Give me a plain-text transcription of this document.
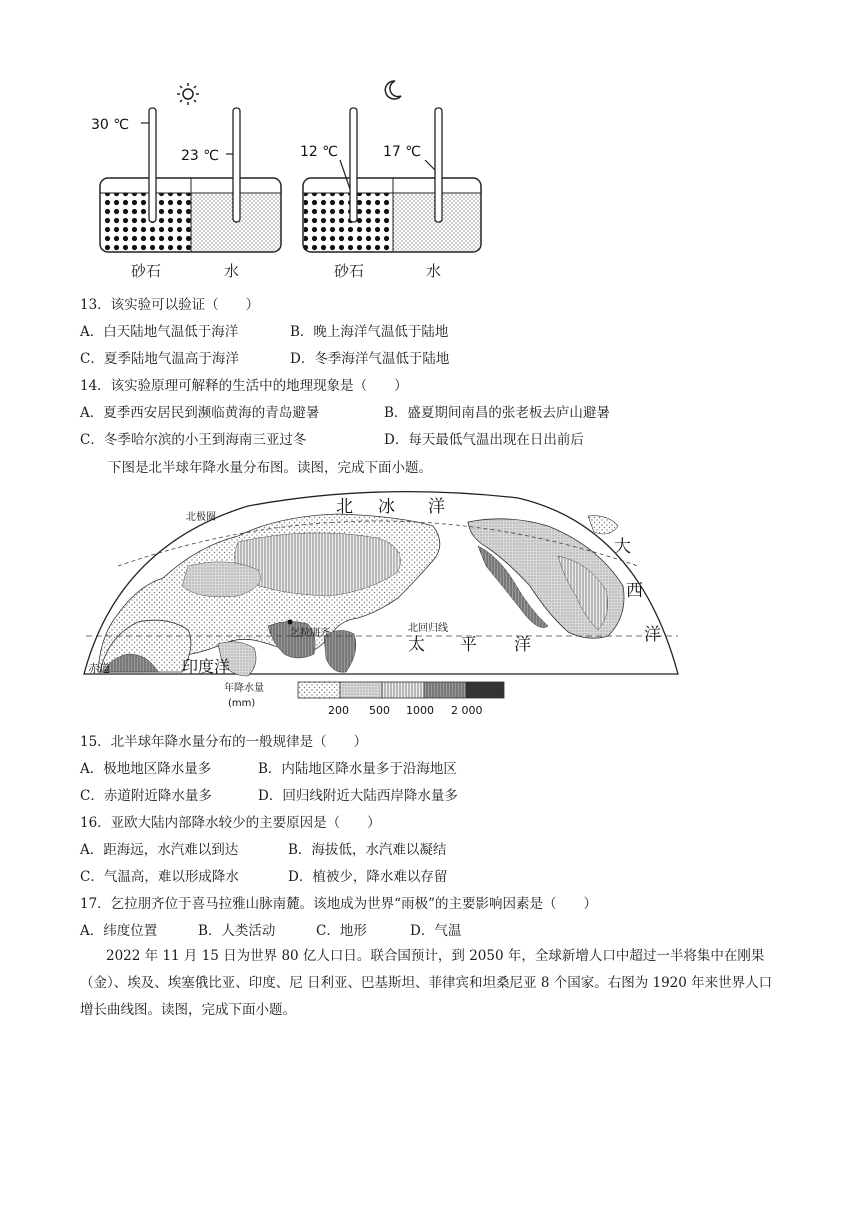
30 ℃
23 ℃	12 ℃	17 ℃
砂石	水	砂石	水
13．该实验可以验证（　　）
A．白天陆地气温低于海洋	B．晚上海洋气温低于陆地
C．夏季陆地气温高于海洋	D．冬季海洋气温低于陆地
14．该实验原理可解释的生活中的地理现象是（　　）
A．夏季西安居民到濒临黄海的青岛避暑	B．盛夏期间南昌的张老板去庐山避暑
C．冬季哈尔滨的小王到海南三亚过冬	D．每天最低气温出现在日出前后
下图是北半球年降水量分布图。读图，完成下面小题。
北 冰 洋
大
西
洋
太 平 洋
印度洋
北极圈
北回归线
赤道
乞拉朋齐
年降水量
(mm)
200 500 1000 2 000
15．北半球年降水量分布的一般规律是（　　）
A．极地地区降水量多	B．内陆地区降水量多于沿海地区
C．赤道附近降水量多	D．回归线附近大陆西岸降水量多
16．亚欧大陆内部降水较少的主要原因是（　　）
A．距海远，水汽难以到达	B．海拔低，水汽难以凝结
C．气温高，难以形成降水	D．植被少，降水难以存留
17．乞拉朋齐位于喜马拉雅山脉南麓。该地成为世界“雨极”的主要影响因素是（　　）
A．纬度位置	B．人类活动	C．地形	D．气温
2022 年 11 月 15 日为世界 80 亿人口日。联合国预计，到 2050 年，全球新增人口中超过一半将集中在刚果（金）、埃及、埃塞俄比亚、印度、尼 日利亚、巴基斯坦、菲律宾和坦桑尼亚 8 个国家。右图为 1920 年来世界人口增长曲线图。读图，完成下面小题。
